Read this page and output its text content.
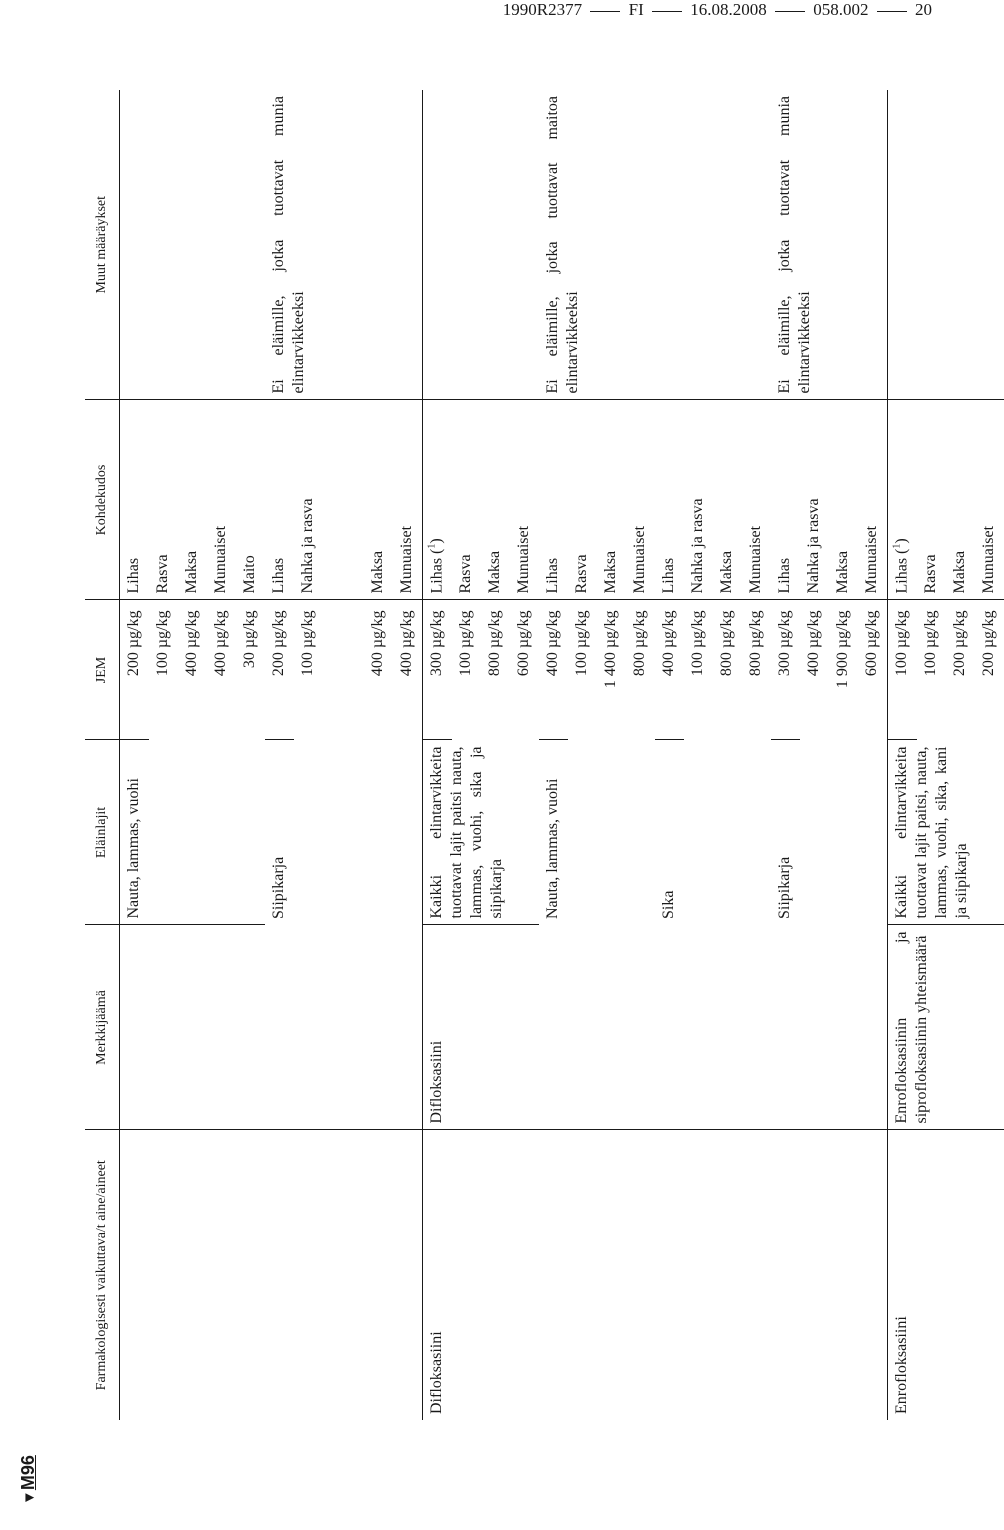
1990R2377	FI	16.08.2008	058.002	20
▼M96
Farmakologisesti vaikuttava/t aine/aineet	Merkkijäämä	Eläinlajit	JEM	Kohdekudos	Muut määräykset
		Nauta, lammas, vuohi	200 µg/kg	Lihas	
			100 µg/kg	Rasva	
			400 µg/kg	Maksa	
			400 µg/kg	Munuaiset	
			30 µg/kg	Maito	
		Siipikarja	200 µg/kg	Lihas	Ei eläimille, jotka tuottavat munia elintarvikkeeksi
			100 µg/kg	Nahka ja rasva	

			400 µg/kg	Maksa	
			400 µg/kg	Munuaiset	
Difloksasiini	Difloksasiini	Kaikki elintarvikkeita tuottavat lajit paitsi nauta, lammas, vuohi, sika ja siipikarja	300 µg/kg	Lihas ($^1$)	
			100 µg/kg	Rasva	
			800 µg/kg	Maksa	
			600 µg/kg	Munuaiset	
		Nauta, lammas, vuohi	400 µg/kg	Lihas	Ei eläimille, jotka tuottavat maitoa elintarvikkeeksi
			100 µg/kg	Rasva	
			1 400 µg/kg	Maksa	
			800 µg/kg	Munuaiset	
		Sika	400 µg/kg	Lihas	
			100 µg/kg	Nahka ja rasva	
			800 µg/kg	Maksa	
			800 µg/kg	Munuaiset	
		Siipikarja	300 µg/kg	Lihas	Ei eläimille, jotka tuottavat munia elintarvikkeeksi
			400 µg/kg	Nahka ja rasva	
			1 900 µg/kg	Maksa	
			600 µg/kg	Munuaiset	
Enrofloksasiini	Enrofloksasiinin ja siprofloksasiinin yhteismäärä	Kaikki elintarvikkeita tuottavat lajit paitsi, nauta, lammas, vuohi, sika, kani ja siipikarja	100 µg/kg	Lihas ($^1$)	
			100 µg/kg	Rasva	
			200 µg/kg	Maksa	
			200 µg/kg	Munuaiset	
